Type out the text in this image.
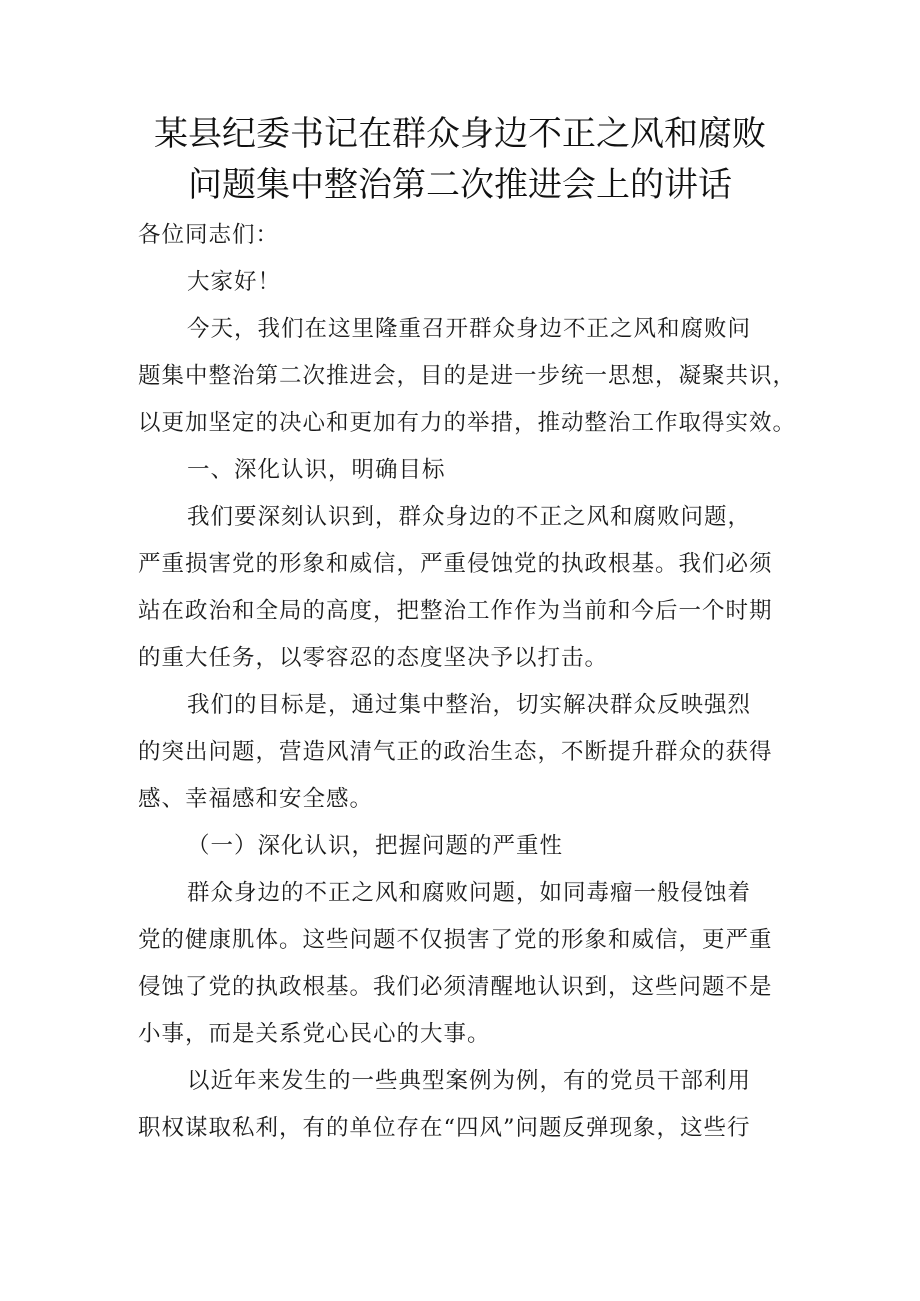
某县纪委书记在群众身边不正之风和腐败
问题集中整治第二次推进会上的讲话

各位同志们：

大家好！

今天，我们在这里隆重召开群众身边不正之风和腐败问
题集中整治第二次推进会，目的是进一步统一思想，凝聚共识，
以更加坚定的决心和更加有力的举措，推动整治工作取得实效。
一、深化认识，明确目标
我们要深刻认识到，群众身边的不正之风和腐败问题，
严重损害党的形象和威信，严重侵蚀党的执政根基。我们必须
站在政治和全局的高度，把整治工作作为当前和今后一个时期
的重大任务，以零容忍的态度坚决予以打击。
我们的目标是，通过集中整治，切实解决群众反映强烈
的突出问题，营造风清气正的政治生态，不断提升群众的获得
感、幸福感和安全感。
（一）深化认识，把握问题的严重性
群众身边的不正之风和腐败问题，如同毒瘤一般侵蚀着
党的健康肌体。这些问题不仅损害了党的形象和威信，更严重
侵蚀了党的执政根基。我们必须清醒地认识到，这些问题不是
小事，而是关系党心民心的大事。
以近年来发生的一些典型案例为例，有的党员干部利用
职权谋取私利，有的单位存在“四风”问题反弹现象，这些行
